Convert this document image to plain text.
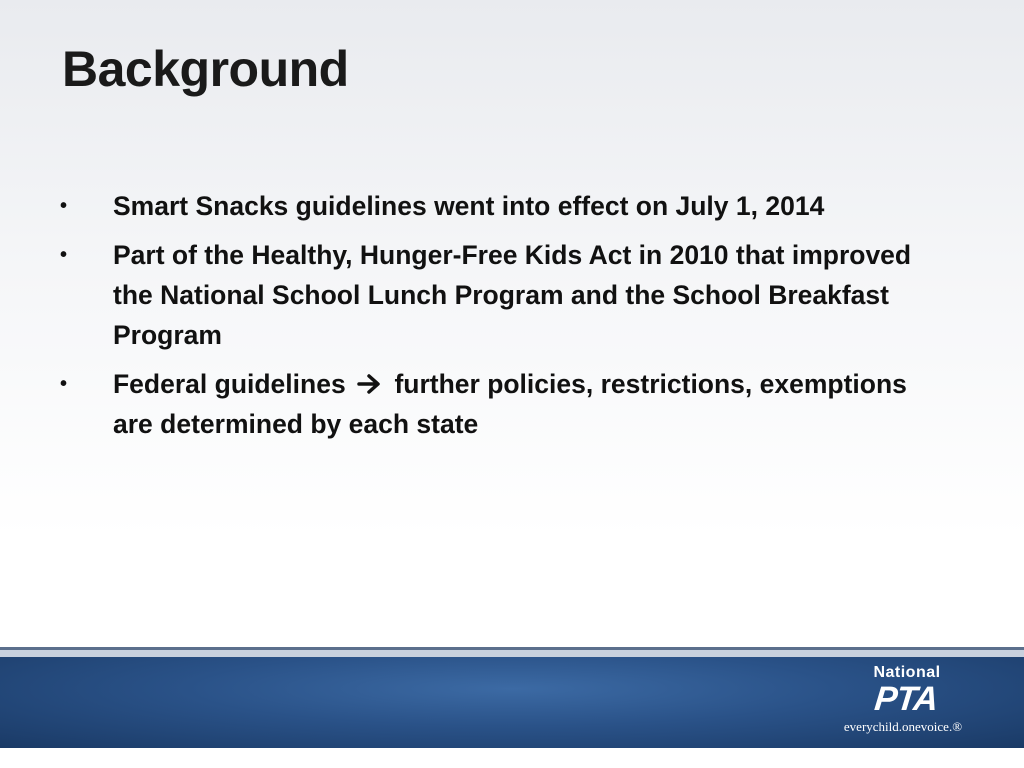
Background
• Smart Snacks guidelines went into effect on July 1, 2014
• Part of the Healthy, Hunger-Free Kids Act in 2010 that improved the National School Lunch Program and the School Breakfast Program
• Federal guidelines further policies, restrictions, exemptions are determined by each state
National
PTA
everychild.onevoice.®
